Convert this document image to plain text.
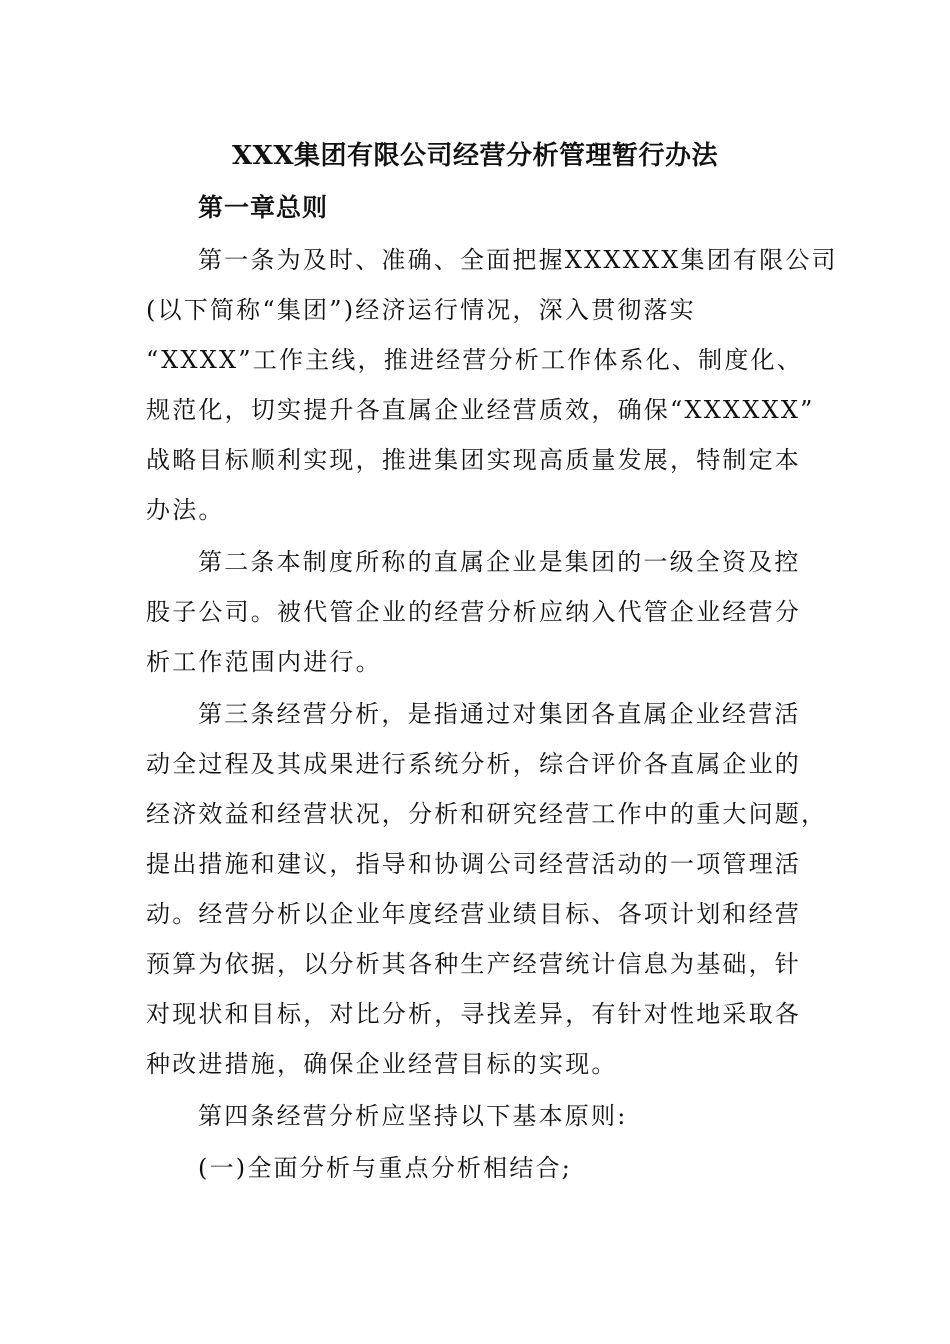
XXX集团有限公司经营分析管理暂行办法
第一章总则
第一条为及时、准确、全面把握XXXXXX集团有限公司
(以下简称“集团”)经济运行情况，深入贯彻落实
“XXXX”工作主线，推进经营分析工作体系化、制度化、
规范化，切实提升各直属企业经营质效，确保“XXXXXX”
战略目标顺利实现，推进集团实现高质量发展，特制定本
办法。
第二条本制度所称的直属企业是集团的一级全资及控
股子公司。被代管企业的经营分析应纳入代管企业经营分
析工作范围内进行。
第三条经营分析，是指通过对集团各直属企业经营活
动全过程及其成果进行系统分析，综合评价各直属企业的
经济效益和经营状况，分析和研究经营工作中的重大问题，
提出措施和建议，指导和协调公司经营活动的一项管理活
动。经营分析以企业年度经营业绩目标、各项计划和经营
预算为依据，以分析其各种生产经营统计信息为基础，针
对现状和目标，对比分析，寻找差异，有针对性地采取各
种改进措施，确保企业经营目标的实现。
第四条经营分析应坚持以下基本原则:
(一)全面分析与重点分析相结合;
